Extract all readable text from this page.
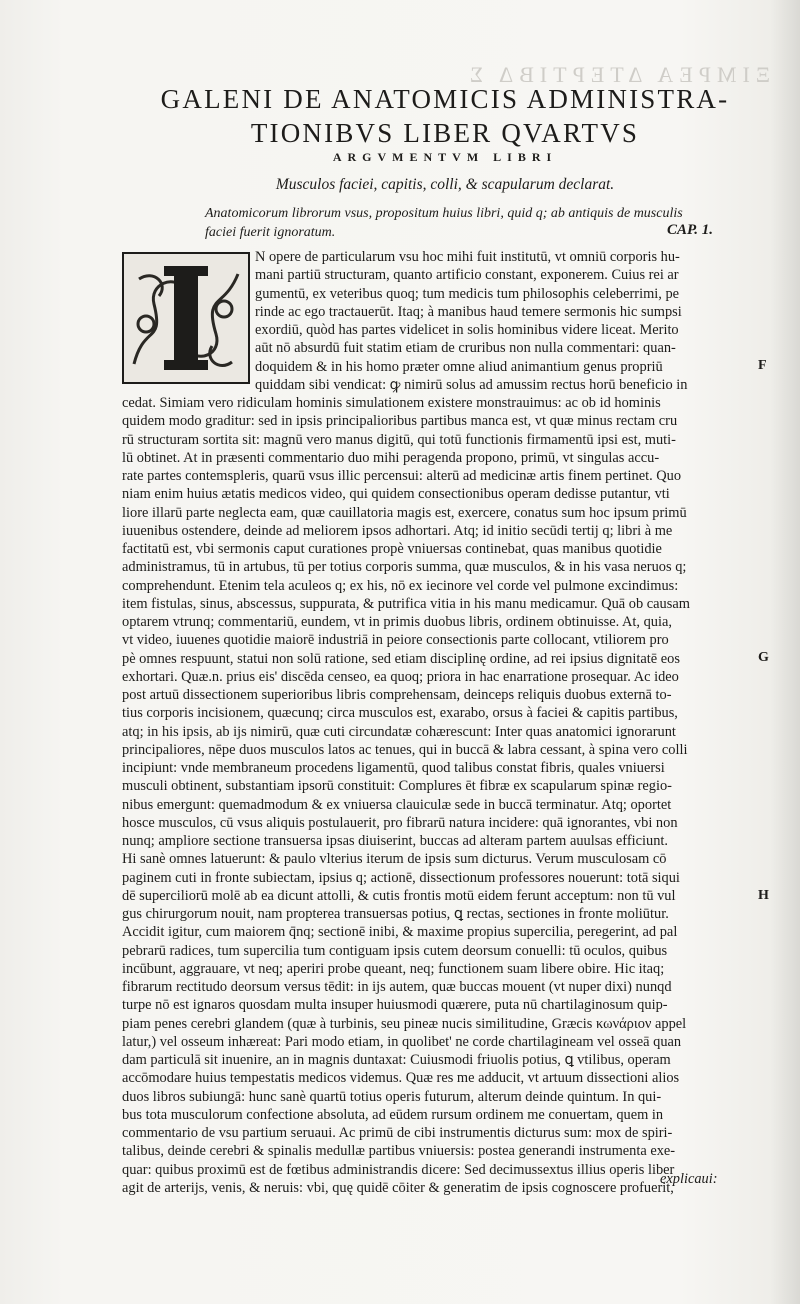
ΞΙΜΡΕΑ ΔΤΕΡΤΙΒΔ Σ
GALENI DE ANATOMICIS ADMINISTRA-
TIONIBVS LIBER QVARTVS
ARGVMENTVM LIBRI
Musculos faciei, capitis, colli, & scapularum declarat.
Anatomicorum librorum vsus, propositum huius libri, quid q; ab antiquis de musculis
faciei fuerit ignoratum.	CAP. 1.
N opere de particularum vsu hoc mihi fuit institutū, vt omniū corporis hu-
mani partiū structuram, quanto artificio constant, exponerem. Cuius rei ar
gumentū, ex veteribus quoq; tum medicis tum philosophis celeberrimi, pe
rinde ac ego tractauerūt. Itaq; à manibus haud temere sermonis hic sumpsi
exordiū, quòd has partes videlicet in solis hominibus videre liceat. Merito
aūt nō absurdū fuit statim etiam de cruribus non nulla commentari: quan-
doquidem & in his homo præter omne aliud animantium genus propriū
quiddam sibi vendicat: ꝙ nimirū solus ad amussim rectus horū beneficio in
cedat. Simiam vero ridiculam hominis simulationem existere monstrauimus: ac ob id hominis
quidem modo graditur: sed in ipsis principalioribus partibus manca est, vt quæ minus rectam cru
rū structuram sortita sit: magnū vero manus digitū, qui totū functionis firmamentū ipsi est, muti-
lū obtinet. At in præsenti commentario duo mihi peragenda propono, primū, vt singulas accu-
rate partes contemspleris, quarū vsus illic percensui: alterū ad medicinæ artis finem pertinet. Quo
niam enim huius ætatis medicos video, qui quidem consectionibus operam dedisse putantur, vti
liore illarū parte neglecta eam, quæ cauillatoria magis est, exercere, conatus sum hoc ipsum primū
iuuenibus ostendere, deinde ad meliorem ipsos adhortari. Atq; id initio secūdi tertij q; libri à me
factitatū est, vbi sermonis caput curationes propè vniuersas continebat, quas manibus quotidie
administramus, tū in artubus, tū per totius corporis summa, quæ musculos, & in his vasa neruos q;
comprehendunt. Etenim tela aculeos q; ex his, nō ex iecinore vel corde vel pulmone excindimus:
item fistulas, sinus, abscessus, suppurata, & putrifica vitia in his manu medicamur. Quā ob causam
optarem vtrunq; commentariū, eundem, vt in primis duobus libris, ordinem obtinuisse. At, quia,
vt video, iuuenes quotidie maiorē industriā in peiore consectionis parte collocant, vtiliorem pro
pè omnes respuunt, statui non solū ratione, sed etiam disciplinę ordine, ad rei ipsius dignitatē eos
exhortari. Quæ.n. prius eis' discēda censeo, ea quoq; priora in hac enarratione prosequar. Ac ideo
post artuū dissectionem superioribus libris comprehensam, deinceps reliquis duobus externā to-
tius corporis incisionem, quæcunq; circa musculos est, exarabo, orsus à faciei & capitis partibus,
atq; in his ipsis, ab ijs nimirū, quæ cuti circundatæ cohærescunt: Inter quas anatomici ignorarunt
principaliores, nēpe duos musculos latos ac tenues, qui in buccā & labra cessant, à spina vero colli
incipiunt: vnde membraneum procedens ligamentū, quod talibus constat fibris, quales vniuersi
musculi obtinent, substantiam ipsorū constituit: Complures ēt fibræ ex scapularum spinæ regio-
nibus emergunt: quemadmodum & ex vniuersa clauiculæ sede in buccā terminatur. Atq; oportet
hosce musculos, cū vsus aliquis postulauerit, pro fibrarū natura incidere: quā ignorantes, vbi non
nunq; ampliore sectione transuersa ipsas diuiserint, buccas ad alteram partem auulsas efficiunt.
Hi sanè omnes latuerunt: & paulo vlterius iterum de ipsis sum dicturus. Verum musculosam cō
paginem cuti in fronte subiectam, ipsius q; actionē, dissectionum professores nouerunt: totā siqui
dē superciliorū molē ab ea dicunt attolli, & cutis frontis motū eidem ferunt acceptum: non tū vul
gus chirurgorum nouit, nam propterea transuersas potius, ꝗ rectas, sectiones in fronte moliūtur.
Accidit igitur, cum maiorem q̄nq; sectionē inibi, & maxime propius supercilia, peregerint, ad pal
pebrarū radices, tum supercilia tum contiguam ipsis cutem deorsum conuelli: tū oculos, quibus
incūbunt, aggrauare, vt neq; aperiri probe queant, neq; functionem suam libere obire. Hic itaq;
fibrarum rectitudo deorsum versus tēdit: in ijs autem, quæ buccas mouent (vt nuper dixi) nunqd
turpe nō est ignaros quosdam multa insuper huiusmodi quærere, puta nū chartilaginosum quip-
piam penes cerebri glandem (quæ à turbinis, seu pineæ nucis similitudine, Græcis κωνάριον appel
latur,) vel osseum inhæreat: Pari modo etiam, in quolibet' ne corde chartilagineam vel osseā quan
dam particulā sit inuenire, an in magnis duntaxat: Cuiusmodi friuolis potius, ꝗ vtilibus, operam
accōmodare huius tempestatis medicos videmus. Quæ res me adducit, vt artuum dissectioni alios
duos libros subiungā: hunc sanè quartū totius operis futurum, alterum deinde quintum. In qui-
bus tota musculorum confectione absoluta, ad eūdem rursum ordinem me conuertam, quem in
commentario de vsu partium seruaui. Ac primū de cibi instrumentis dicturus sum: mox de spiri-
talibus, deinde cerebri & spinalis medullæ partibus vniuersis: postea generandi instrumenta exe-
quar: quibus proximū est de fœtibus administrandis dicere: Sed decimussextus illius operis liber
agit de arterijs, venis, & neruis: vbi, quę quidē cōiter & generatim de ipsis cognoscere profuerit,
F
G
H
explicaui:
